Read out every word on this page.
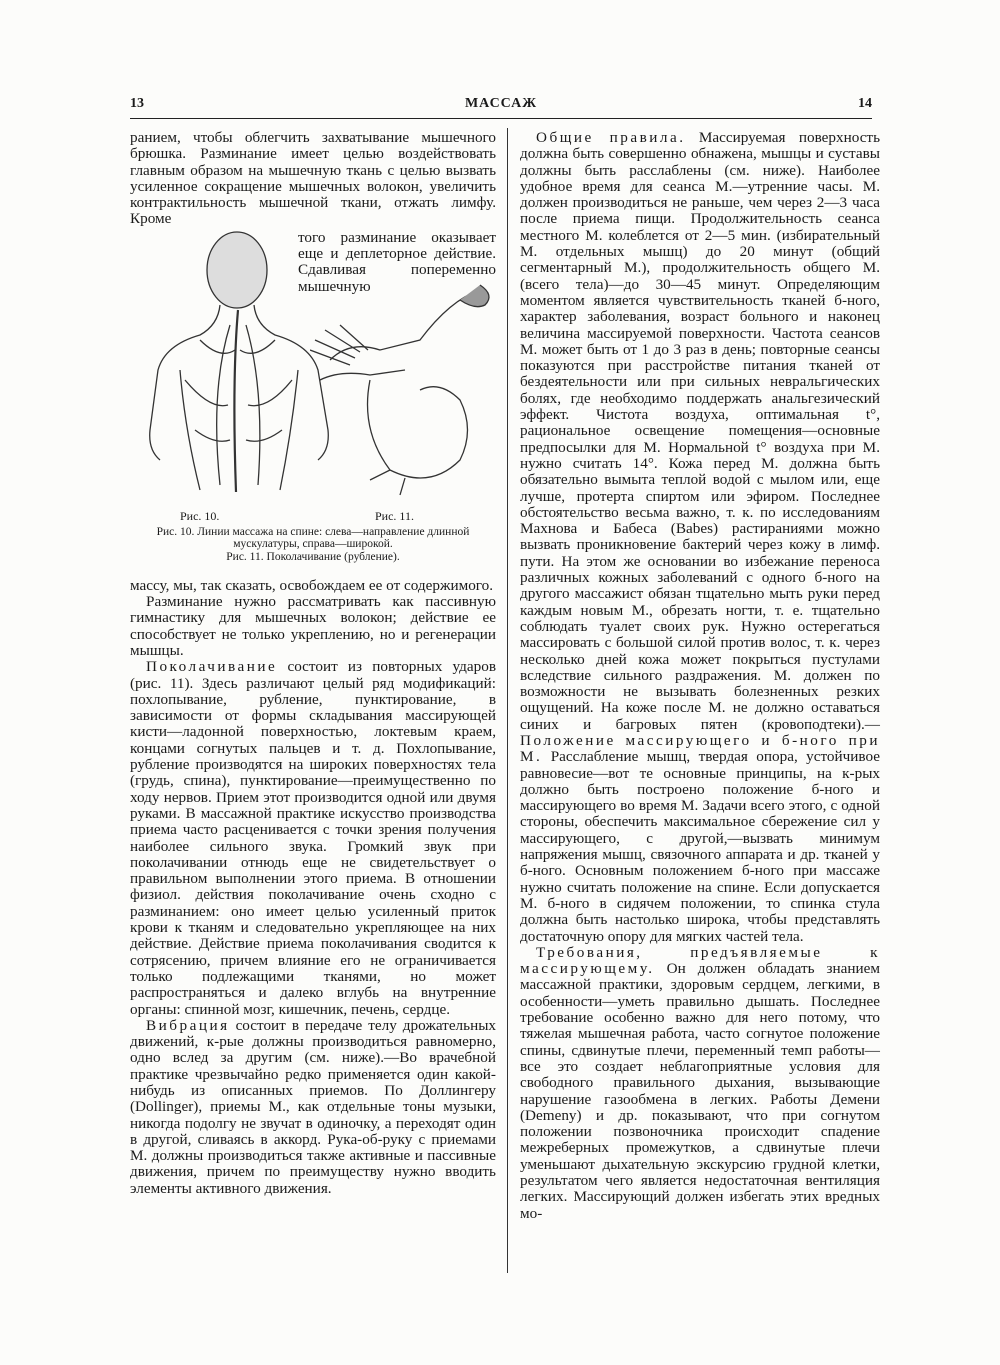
13	МАССАЖ	14

ранием, чтобы облегчить захватывание мышечного брюшка. Разминание имеет целью воздействовать главным образом на мышечную ткань с целью вызвать усиленное сокращение мышечных волокон, увеличить контрактильность мышечной ткани, отжать лимфу. Кроме

того разминание оказывает еще и деплеторное действие. Сдавливая попеременно мышечную
Рис. 10.	Рис. 11.
Рис. 10. Линии массажа на спине: слева—направление длинной мускулатуры, справа—широкой.
Рис. 11. Поколачивание (рубление).

массу, мы, так сказать, освобождаем ее от содержимого.

Разминание нужно рассматривать как пассивную гимнастику для мышечных волокон; действие ее способствует не только укреплению, но и регенерации мышцы.

Поколачивание состоит из повторных ударов (рис. 11). Здесь различают целый ряд модификаций: похлопывание, рубление, пунктирование, в зависимости от формы складывания массирующей кисти—ладонной поверхностью, локтевым краем, концами согнутых пальцев и т. д. Похлопывание, рубление производятся на широких поверхностях тела (грудь, спина), пунктирование—преимущественно по ходу нервов. Прием этот производится одной или двумя руками. В массажной практике искусство производства приема часто расценивается с точки зрения получения наиболее сильного звука. Громкий звук при поколачивании отнюдь еще не свидетельствует о правильном выполнении этого приема. В отношении физиол. действия поколачивание очень сходно с разминанием: оно имеет целью усиленный приток крови к тканям и следовательно укрепляющее на них действие. Действие приема поколачивания сводится к сотрясению, причем влияние его не ограничивается только подлежащими тканями, но может распространяться и далеко вглубь на внутренние органы: спинной мозг, кишечник, печень, сердце.

Вибрация состоит в передаче телу дрожательных движений, к-рые должны производиться равномерно, одно вслед за другим (см. ниже).—Во врачебной практике чрезвычайно редко применяется один какой-нибудь из описанных приемов. По Доллингеру (Dollinger), приемы М., как отдельные тоны музыки, никогда подолгу не звучат в одиночку, а переходят один в другой, сливаясь в аккорд. Рука-об-руку с приемами М. должны производиться также активные и пассивные движения, причем по преимуществу нужно вводить элементы активного движения.

Общие правила. Массируемая поверхность должна быть совершенно обнажена, мышцы и суставы должны быть расслаблены (см. ниже). Наиболее удобное время для сеанса М.—утренние часы. М. должен производиться не раньше, чем через 2—3 часа после приема пищи. Продолжительность сеанса местного М. колеблется от 2—5 мин. (избирательный М. отдельных мышц) до 20 минут (общий сегментарный М.), продолжительность общего М. (всего тела)—до 30—45 минут. Определяющим моментом является чувствительность тканей б-ного, характер заболевания, возраст больного и наконец величина массируемой поверхности. Частота сеансов М. может быть от 1 до 3 раз в день; повторные сеансы показуются при расстройстве питания тканей от бездеятельности или при сильных невральгических болях, где необходимо поддержать анальгезический эффект. Чистота воздуха, оптимальная t°, рациональное освещение помещения—основные предпосылки для М. Нормальной t° воздуха при М. нужно считать 14°. Кожа перед М. должна быть обязательно вымыта теплой водой с мылом или, еще лучше, протерта спиртом или эфиром. Последнее обстоятельство весьма важно, т. к. по исследованиям Махнова и Бабеса (Babes) растираниями можно вызвать проникновение бактерий через кожу в лимф. пути. На этом же основании во избежание переноса различных кожных заболеваний с одного б-ного на другого массажист обязан тщательно мыть руки перед каждым новым М., обрезать ногти, т. е. тщательно соблюдать туалет своих рук. Нужно остерегаться массировать с большой силой против волос, т. к. через несколько дней кожа может покрыться пустулами вследствие сильного раздражения. М. должен по возможности не вызывать болезненных резких ощущений. На коже после М. не должно оставаться синих и багровых пятен (кровоподтеки).—Положение массирующего и б-ного при М. Расслабление мышц, твердая опора, устойчивое равновесие—вот те основные принципы, на к-рых должно быть построено положение б-ного и массирующего во время М. Задачи всего этого, с одной стороны, обеспечить максимальное сбережение сил у массирующего, с другой,—вызвать минимум напряжения мышц, связочного аппарата и др. тканей у б-ного. Основным положением б-ного при массаже нужно считать положение на спине. Если допускается М. б-ного в сидячем положении, то спинка стула должна быть настолько широка, чтобы представлять достаточную опору для мягких частей тела.

Требования, предъявляемые к массирующему. Он должен обладать знанием массажной практики, здоровым сердцем, легкими, в особенности—уметь правильно дышать. Последнее требование особенно важно для него потому, что тяжелая мышечная работа, часто согнутое положение спины, сдвинутые плечи, переменный темп работы—все это создает неблагоприятные условия для свободного правильного дыхания, вызывающие нарушение газообмена в легких. Работы Демени (Demeny) и др. показывают, что при согнутом положении позвоночника происходит спадение межреберных промежутков, а сдвинутые плечи уменьшают дыхательную экскурсию грудной клетки, результатом чего является недостаточная вентиляция легких. Массирующий должен избегать этих вредных мо-
